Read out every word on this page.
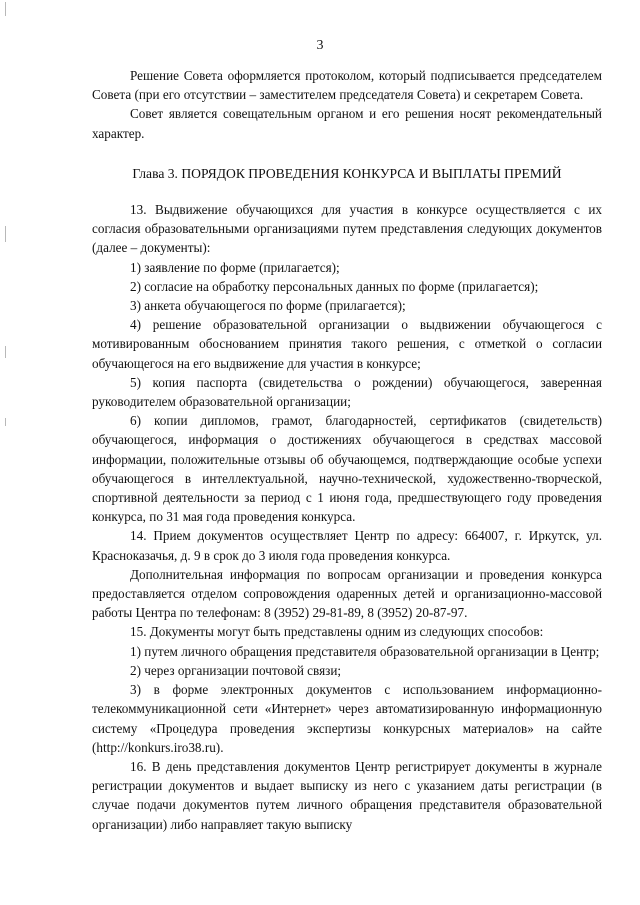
3

Решение Совета оформляется протоколом, который подписывается председателем Совета (при его отсутствии – заместителем председателя Совета) и секретарем Совета.

Совет является совещательным органом и его решения носят рекомендательный характер.

Глава 3. ПОРЯДОК ПРОВЕДЕНИЯ КОНКУРСА И ВЫПЛАТЫ ПРЕМИЙ

13. Выдвижение обучающихся для участия в конкурсе осуществляется с их согласия образовательными организациями путем представления следующих документов (далее – документы):

1) заявление по форме (прилагается);

2) согласие на обработку персональных данных по форме (прилагается);

3) анкета обучающегося по форме (прилагается);

4) решение образовательной организации о выдвижении обучающегося с мотивированным обоснованием принятия такого решения, с отметкой о согласии обучающегося на его выдвижение для участия в конкурсе;

5) копия паспорта (свидетельства о рождении) обучающегося, заверенная руководителем образовательной организации;

6) копии дипломов, грамот, благодарностей, сертификатов (свидетельств) обучающегося, информация о достижениях обучающегося в средствах массовой информации, положительные отзывы об обучающемся, подтверждающие особые успехи обучающегося в интеллектуальной, научно-технической, художественно-творческой, спортивной деятельности за период с 1 июня года, предшествующего году проведения конкурса, по 31 мая года проведения конкурса.

14. Прием документов осуществляет Центр по адресу: 664007, г. Иркутск, ул. Красноказачья, д. 9 в срок до 3 июля года проведения конкурса.

Дополнительная информация по вопросам организации и проведения конкурса предоставляется отделом сопровождения одаренных детей и организационно-массовой работы Центра по телефонам: 8 (3952) 29-81-89, 8 (3952) 20-87-97.

15. Документы могут быть представлены одним из следующих способов:

1) путем личного обращения представителя образовательной организации в Центр;

2) через организации почтовой связи;

3) в форме электронных документов с использованием информационно-телекоммуникационной сети «Интернет» через автоматизированную информационную систему «Процедура проведения экспертизы конкурсных материалов» на сайте (http://konkurs.iro38.ru).

16. В день представления документов Центр регистрирует документы в журнале регистрации документов и выдает выписку из него с указанием даты регистрации (в случае подачи документов путем личного обращения представителя образовательной организации) либо направляет такую выписку
